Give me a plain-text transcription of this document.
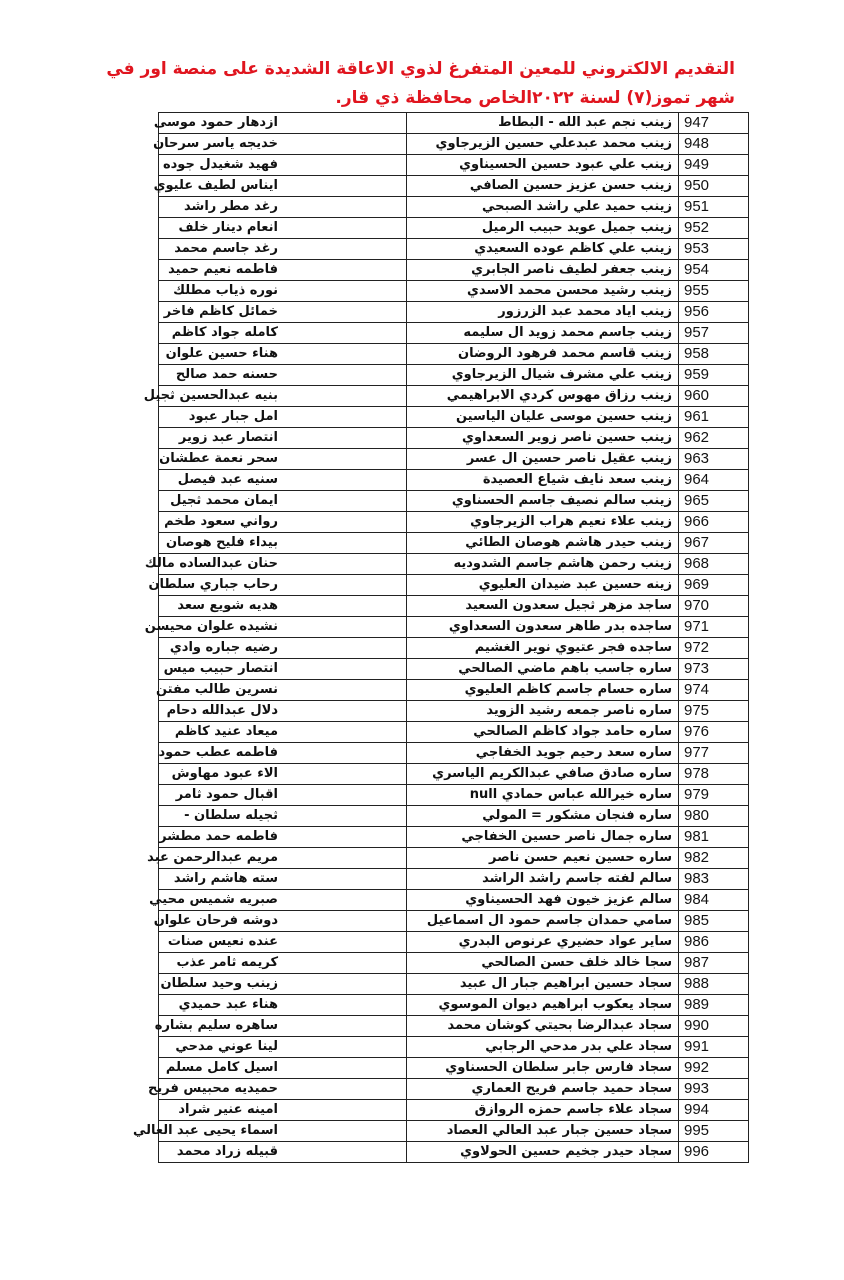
التقديم الالكتروني للمعين المتفرغ لذوي الاعاقة الشديدة على منصة اور في شهر تموز(٧) لسنة ٢٠٢٢الخاص محافظة ذي قار.
ازدهار حمود موسى	زينب نجم عبد الله - البطاط	947
خديجه ياسر سرحان	زينب محمد عبدعلي حسين الزيرجاوي	948
فهيد شغيدل جوده	زينب علي عبود حسين الحسيناوي	949
ايناس لطيف عليوي	زينب حسن عزيز حسين الصافي	950
رغد مطر راشد	زينب حميد علي راشد الصبحي	951
انعام دينار خلف	زينب جميل عويد حبيب الرميل	952
رغد جاسم محمد	زينب علي كاظم عوده السعيدي	953
فاطمه نعيم حميد	زينب جعفر لطيف ناصر الجابري	954
نوره ذياب مطلك	زينب رشيد محسن محمد الاسدي	955
خمائل كاظم فاخر	زينب اياد محمد عبد الزرزور	956
كامله جواد كاظم	زينب جاسم محمد زويد ال سليمه	957
هناء حسين علوان	زينب قاسم محمد فرهود الروضان	958
حسنه حمد صالح	زينب علي مشرف شيال الزيرجاوي	959
بنيه عبدالحسين ثجيل	زينب رزاق مهوس كردي الابراهيمي	960
امل جبار عبود	زينب حسين موسى عليان الياسين	961
انتصار عبد زوير	زينب حسين ناصر زوير السعداوي	962
سحر نعمة عطشان	زينب عقيل ناصر حسين ال عسر	963
سنيه عبد فيصل	زينب سعد نايف شياع العصيدة	964
ايمان محمد ثجيل	زينب سالم نصيف جاسم الحسناوي	965
رواني سعود طخم	زينب علاء نعيم هراب الزيرجاوي	966
بيداء فليح هوصان	زينب حيدر هاشم هوصان الطائي	967
حنان عبدالساده مالك	زينب رحمن هاشم جاسم الشدوديه	968
رحاب جباري سلطان	زينه حسين عبد ضيدان العليوي	969
هديه شويع سعد	ساجد مزهر ثجيل سعدون السعيد	970
نشيده علوان محيسن	ساجده بدر طاهر سعدون السعداوي	971
رضيه جباره وادي	ساجده فجر عتيوي نوير الغشيم	972
انتصار حبيب ميس	ساره جاسب باهم ماضي الصالحي	973
نسرين طالب مفتن	ساره حسام جاسم كاظم العليوي	974
دلال عبدالله دحام	ساره ناصر جمعه رشيد الزويد	975
ميعاد عنيد كاظم	ساره حامد جواد كاظم الصالحي	976
فاطمه عطب حمود	ساره سعد رحيم جويد الخفاجي	977
الاء عبود مهاوش	ساره صادق صافي عبدالكريم الياسري	978
اقبال حمود ثامر	ساره خيرالله عباس حمادي null	979
ثجيله سلطان -	ساره فنجان مشكور = المولي	980
فاطمه حمد مطشر	ساره جمال ناصر حسين الخفاجي	981
مريم عبدالرحمن عبد	ساره حسين نعيم حسن ناصر	982
سته هاشم راشد	سالم لفته جاسم راشد الراشد	983
صبريه شميس محيي	سالم عزيز خيون فهد الحسيناوي	984
دوشه فرحان علوان	سامي حمدان جاسم حمود ال اسماعيل	985
عنده نعيس صنات	ساير عواد حضيري عرنوص البدري	986
كريمه ثامر عذب	سجا خالد خلف حسن الصالحي	987
زينب وحيد سلطان	سجاد حسين ابراهيم جبار ال عبيد	988
هناء عبد حميدي	سجاد يعكوب ابراهيم ديوان الموسوي	989
ساهره سليم بشاره	سجاد عبدالرضا بحيتي كوشان محمد	990
لينا عوني مدحي	سجاد علي بدر مدحي الرجابي	991
اسيل كامل مسلم	سجاد فارس جابر سلطان الحسناوي	992
حميديه محبيس فريح	سجاد حميد جاسم فريح العماري	993
امينه عنير شراد	سجاد علاء جاسم حمزه الروازق	994
اسماء يحيى عبد العالي	سجاد حسين جبار عبد العالي العصاد	995
قبيله زراد محمد	سجاد حيدر جخيم حسين الحولاوي	996
